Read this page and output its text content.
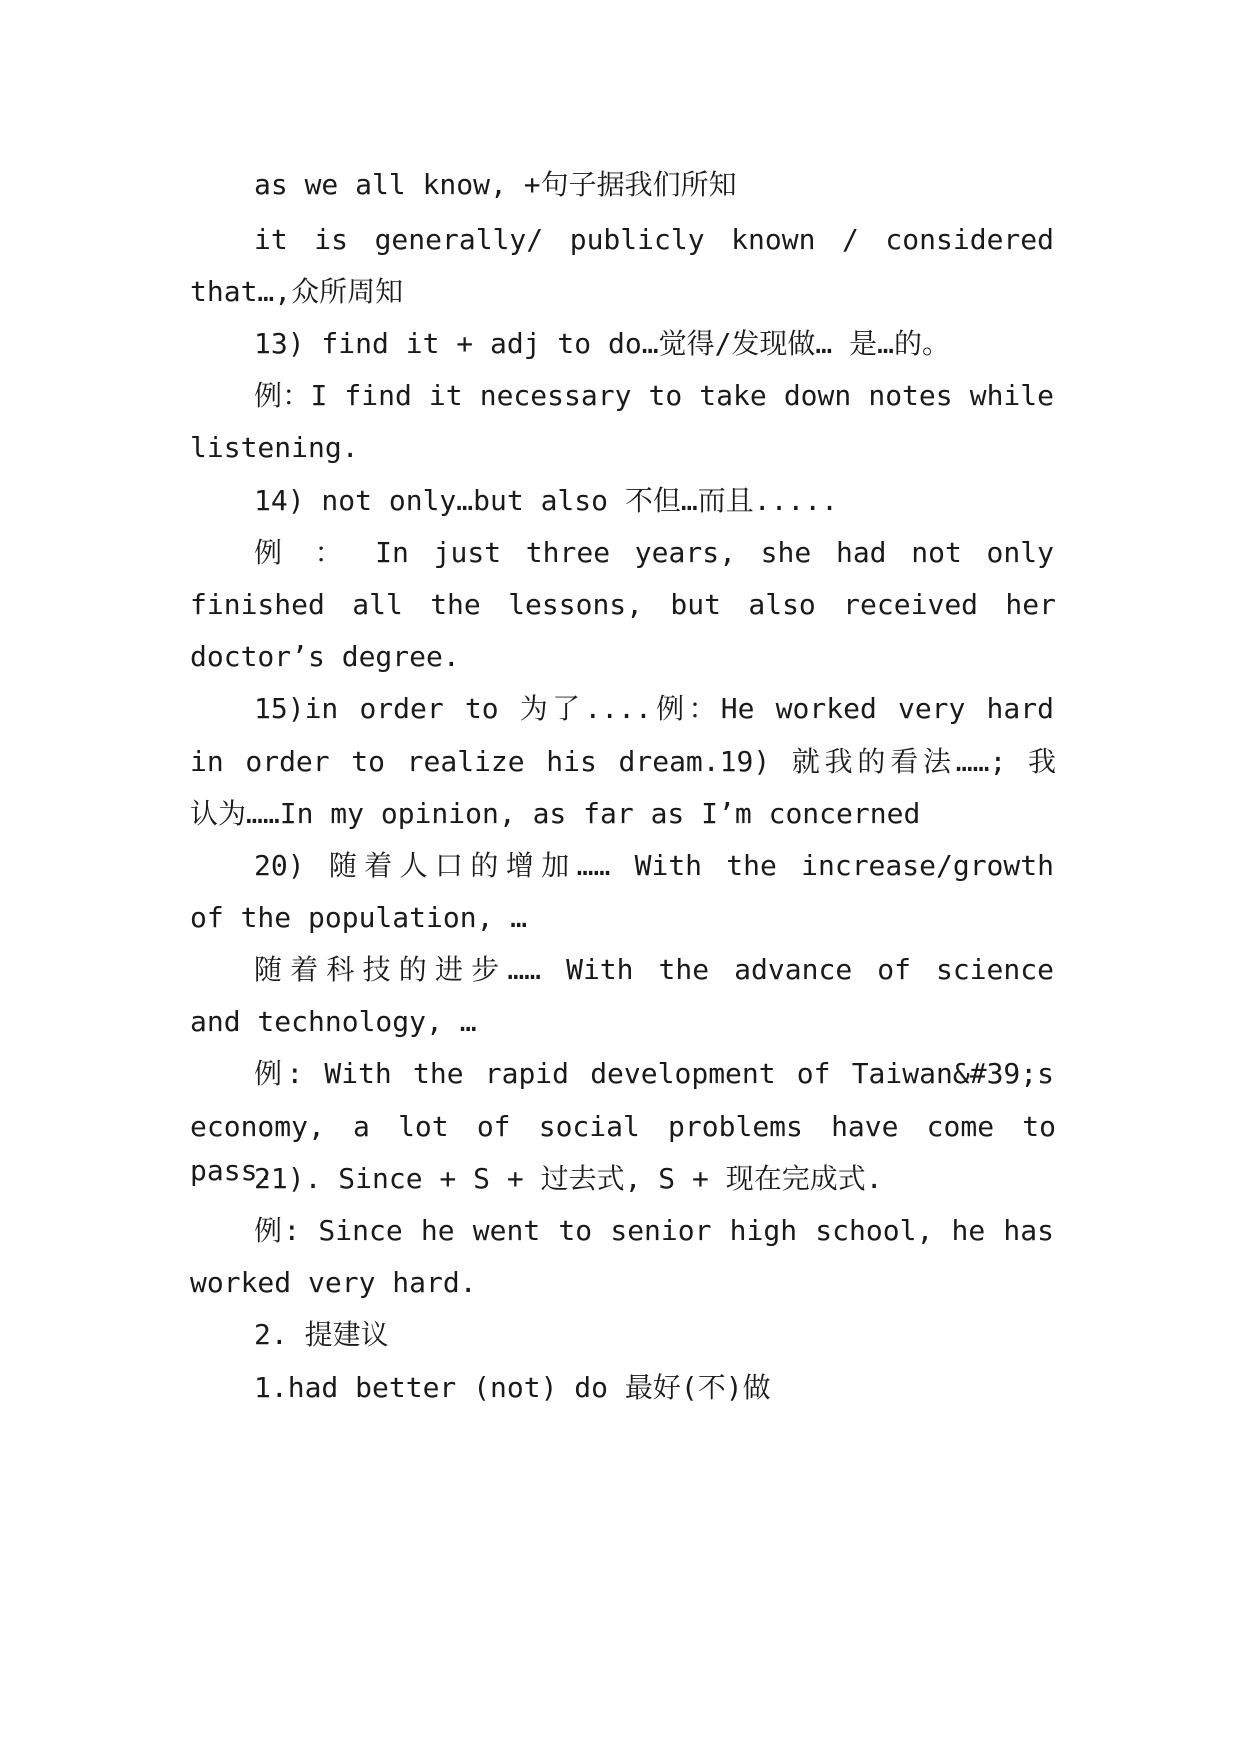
as we all know, +句子据我们所知
it is generally/ publicly known / considered
that…,众所周知
13) find it + adj to do…觉得/发现做… 是…的。
例：I find it necessary to take down notes while
listening.
14) not only…but also 不但…而且.....
例 ： In just three years, she had not only
finished all the lessons, but also received her
doctor’s degree.
15)in order to 为了....例：He worked very hard
in order to realize his dream.19) 就我的看法……; 我
认为……In my opinion, as far as I’m concerned
20) 随着人口的增加…… With the increase/growth
of the population, …
随着科技的进步…… With the advance of science
and technology, …
例: With the rapid development of Taiwan&#39;s
economy, a lot of social problems have come to pass.
21). Since + S + 过去式, S + 现在完成式.
例: Since he went to senior high school, he has
worked very hard.
2. 提建议
1.had better (not) do 最好(不)做
